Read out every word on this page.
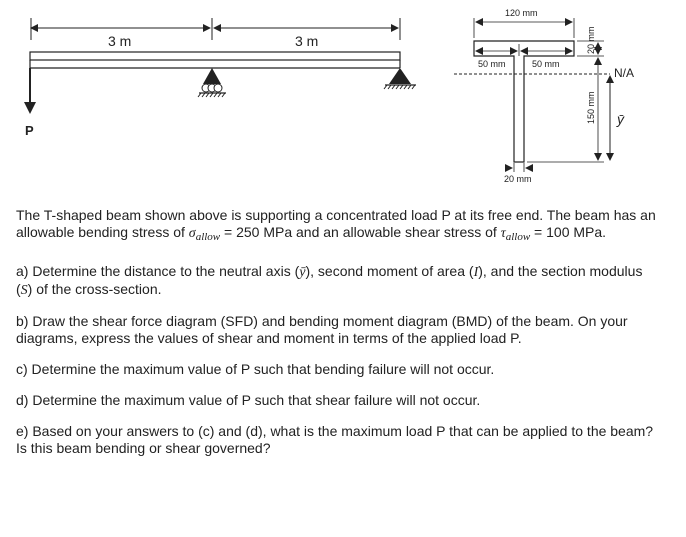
3 m	3 m
P
120 mm
50 mm	50 mm
20 mm
20 mm
150 mm
N/A
ȳ

The T-shaped beam shown above is supporting a concentrated load P at its free end. The beam has an allowable bending stress of $\sigma_{allow} = 250$ MPa and an allowable shear stress of $\tau_{allow} = 100$ MPa.

a) Determine the distance to the neutral axis (ȳ), second moment of area (I), and the section modulus (S) of the cross-section.

b) Draw the shear force diagram (SFD) and bending moment diagram (BMD) of the beam. On your diagrams, express the values of shear and moment in terms of the applied load P.

c) Determine the maximum value of P such that bending failure will not occur.

d) Determine the maximum value of P such that shear failure will not occur.

e) Based on your answers to (c) and (d), what is the maximum load P that can be applied to the beam? Is this beam bending or shear governed?
